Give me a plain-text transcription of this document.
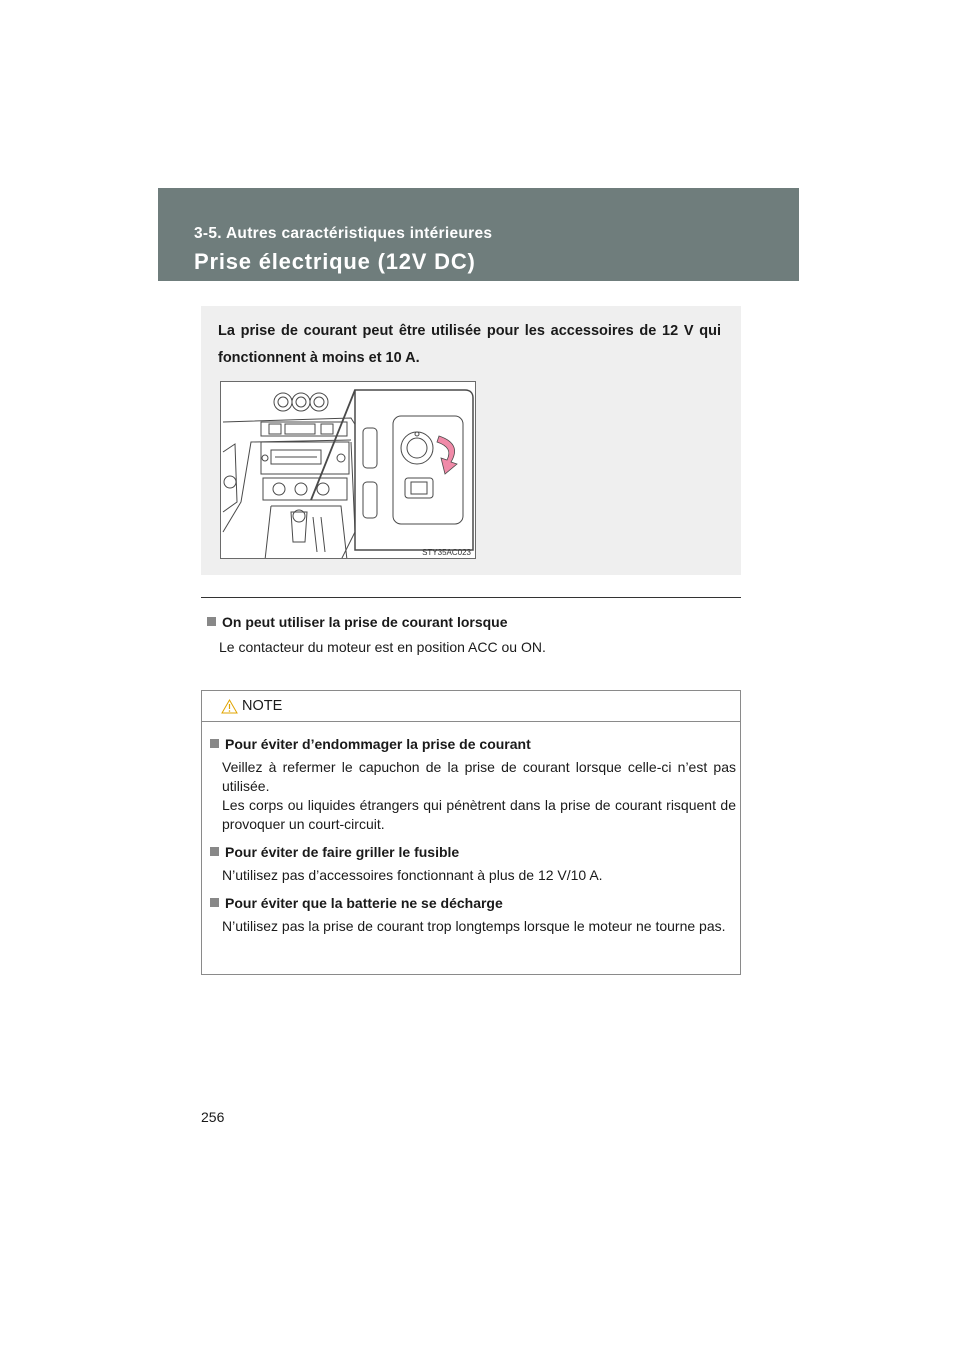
3-5. Autres caractéristiques intérieures
Prise électrique (12V DC)
La prise de courant peut être utilisée pour les accessoires de 12 V qui fonctionnent à moins et 10 A.
STY35AC023
On peut utiliser la prise de courant lorsque
Le contacteur du moteur est en position ACC ou ON.
NOTE
Pour éviter d’endommager la prise de courant
Veillez à refermer le capuchon de la prise de courant lorsque celle-ci n’est pas utilisée.
Les corps ou liquides étrangers qui pénètrent dans la prise de courant risquent de provoquer un court-circuit.
Pour éviter de faire griller le fusible
N’utilisez pas d’accessoires fonctionnant à plus de 12 V/10 A.
Pour éviter que la batterie ne se décharge
N’utilisez pas la prise de courant trop longtemps lorsque le moteur ne tourne pas.
256
